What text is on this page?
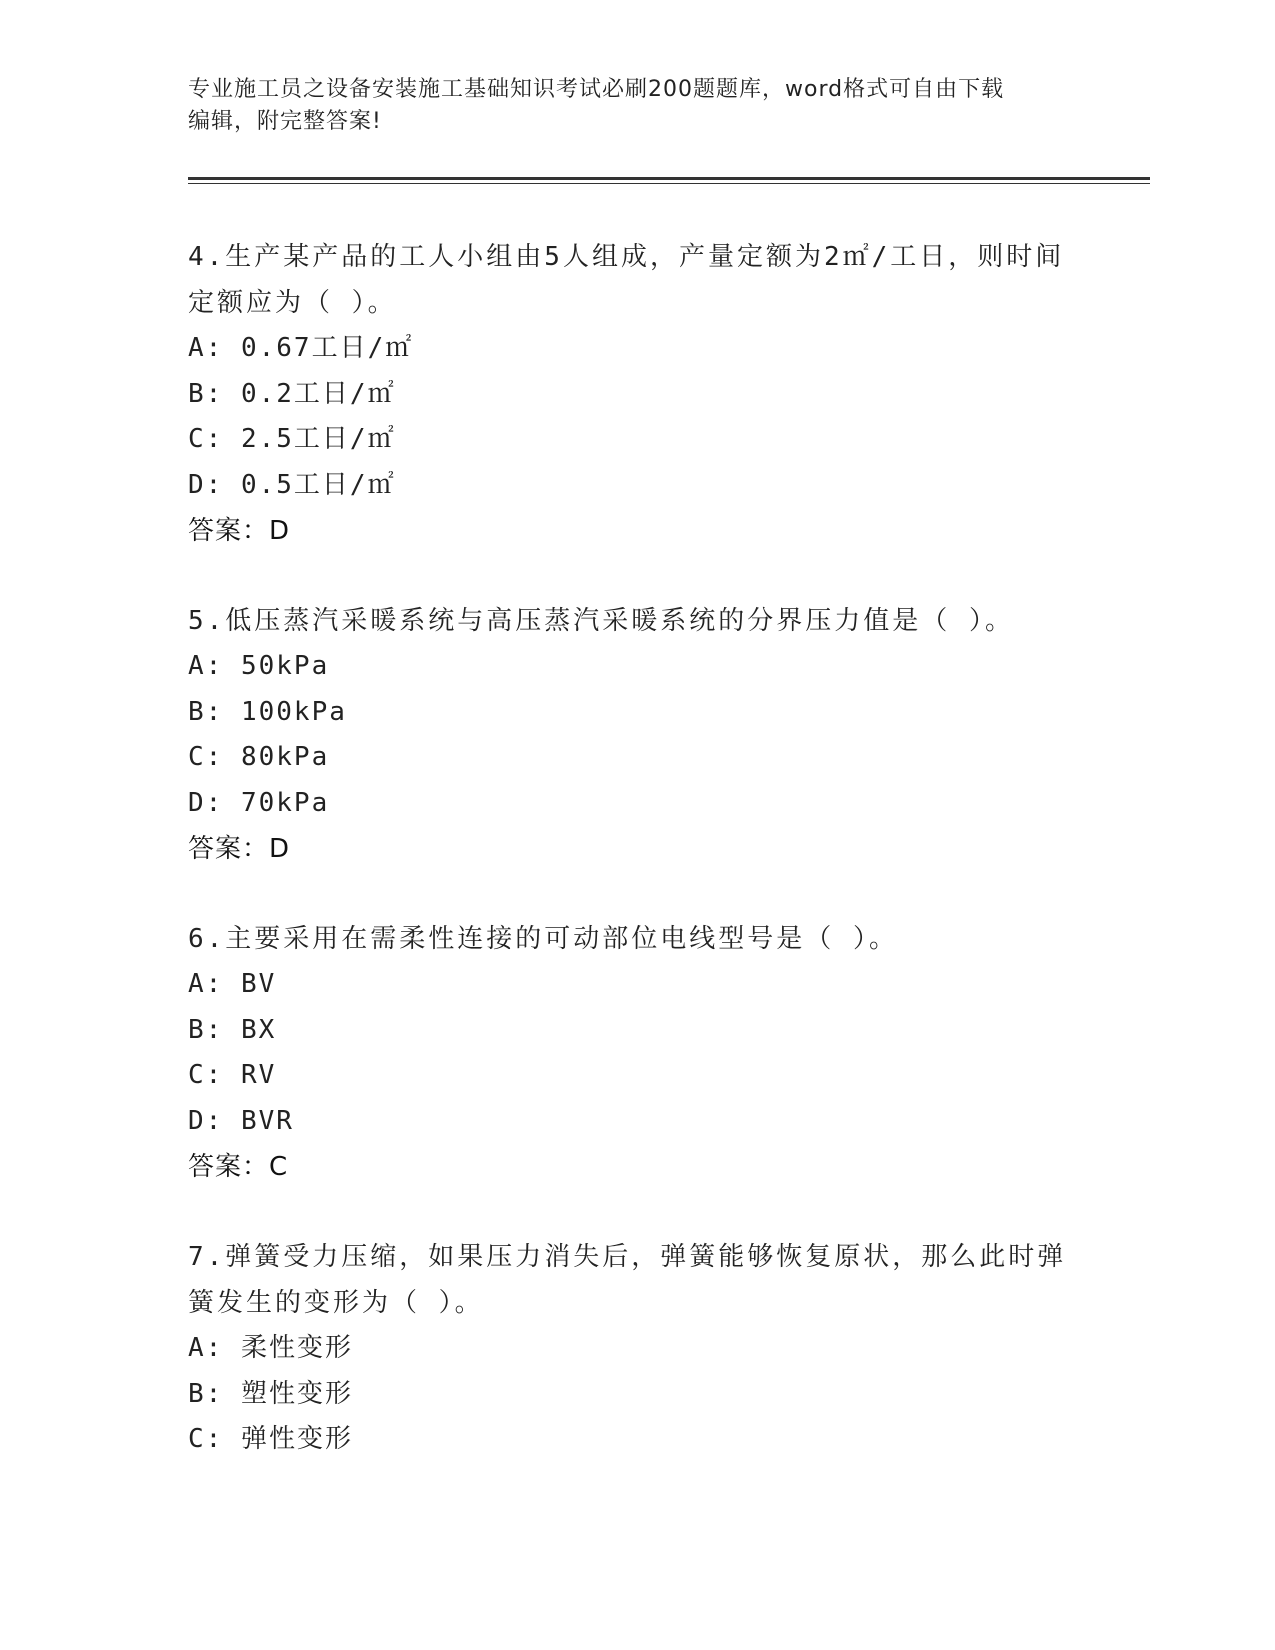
专业施工员之设备安装施工基础知识考试必刷200题题库，word格式可自由下载
编辑，附完整答案!
4.生产某产品的工人小组由5人组成，产量定额为2㎡/工日，则时间
定额应为（ ）。
A: 0.67工日/㎡
B: 0.2工日/㎡
C: 2.5工日/㎡
D: 0.5工日/㎡
答案：D
5.低压蒸汽采暖系统与高压蒸汽采暖系统的分界压力值是（ ）。
A: 50kPa
B: 100kPa
C: 80kPa
D: 70kPa
答案：D
6.主要采用在需柔性连接的可动部位电线型号是（ ）。
A: BV
B: BX
C: RV
D: BVR
答案：C
7.弹簧受力压缩，如果压力消失后，弹簧能够恢复原状，那么此时弹
簧发生的变形为（ ）。
A: 柔性变形
B: 塑性变形
C: 弹性变形
